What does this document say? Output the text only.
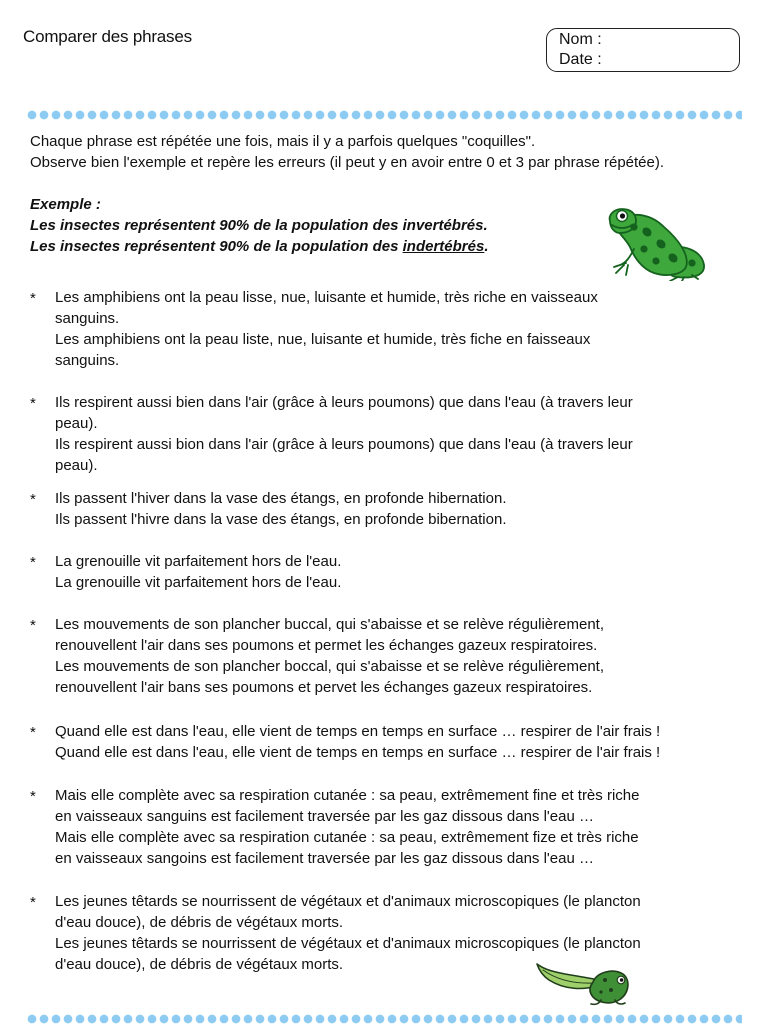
Comparer des phrases	Nom :
Date :
Chaque phrase est répétée une fois, mais il y a parfois quelques "coquilles".
Observe bien l'exemple et repère les erreurs (il peut y en avoir entre 0 et 3 par phrase répétée).
Exemple :
Les insectes représentent 90% de la population des invertébrés.
Les insectes représentent 90% de la population des indertébrés.
* Les amphibiens ont la peau lisse, nue, luisante et humide, très riche en vaisseaux
sanguins.
Les amphibiens ont la peau liste, nue, luisante et humide, très fiche en faisseaux
sanguins.
* Ils respirent aussi bien dans l'air (grâce à leurs poumons) que dans l'eau (à travers leur
peau).
Ils respirent aussi bion dans l'air (grâce à leurs poumons) que dans l'eau (à travers leur
peau).
* Ils passent l'hiver dans la vase des étangs, en profonde hibernation.
Ils passent l'hivre dans la vase des étangs, en profonde bibernation.
* La grenouille vit parfaitement hors de l'eau.
La grenouille vit parfaitement hors de l'eau.
* Les mouvements de son plancher buccal, qui s'abaisse et se relève régulièrement,
renouvellent l'air dans ses poumons et permet les échanges gazeux respiratoires.
Les mouvements de son plancher boccal, qui s'abaisse et se relève régulièrement,
renouvellent l'air bans ses poumons et pervet les échanges gazeux respiratoires.
* Quand elle est dans l'eau, elle vient de temps en temps en surface … respirer de l'air frais !
Quand elle est dans l'eau, elle vient de temps en temps en surface … respirer de l'air frais !
* Mais elle complète avec sa respiration cutanée : sa peau, extrêmement fine et très riche
en vaisseaux sanguins est facilement traversée par les gaz dissous dans l'eau …
Mais elle complète avec sa respiration cutanée : sa peau, extrêmement fize et très riche
en vaisseaux sangoins est facilement traversée par les gaz dissous dans l'eau …
* Les jeunes têtards se nourrissent de végétaux et d'animaux microscopiques (le plancton
d'eau douce), de débris de végétaux morts.
Les jeunes têtards se nourrissent de végétaux et d'animaux microscopiques (le plancton
d'eau douce), de débris de végétaux morts.
